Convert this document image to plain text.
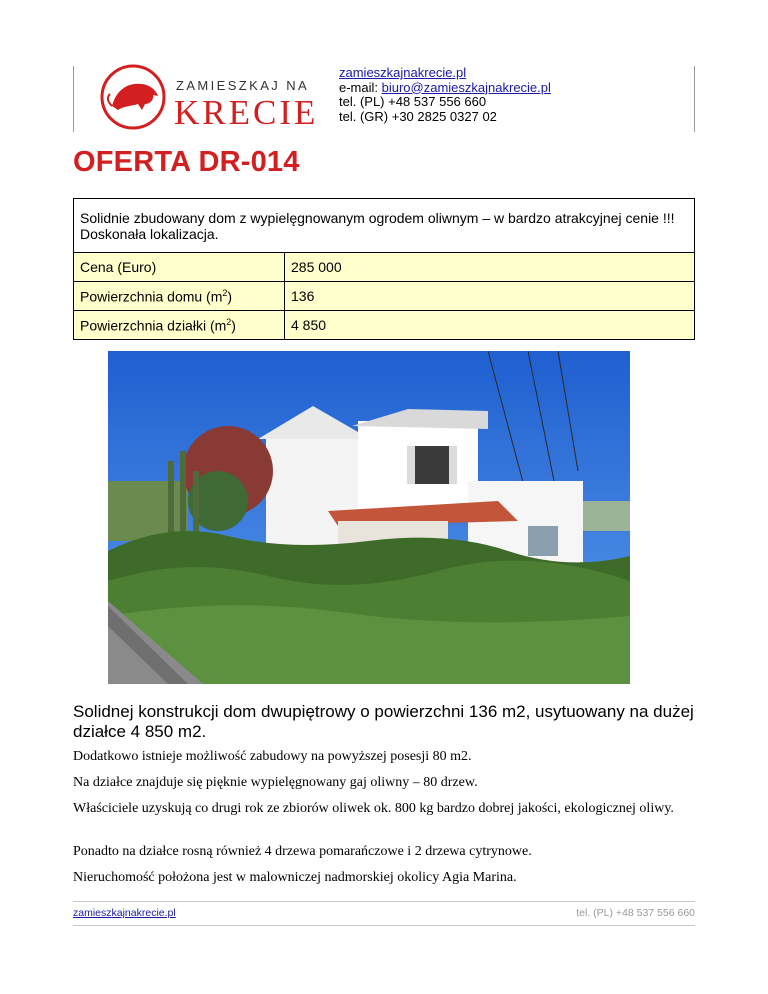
ZAMIESZKAJ NA
KRECIE
zamieszkajnakrecie.pl
e-mail: biuro@zamieszkajnakrecie.pl
tel. (PL) +48 537 556 660
tel. (GR) +30 2825 0327 02
OFERTA DR-014
Solidnie zbudowany dom z wypielęgnowanym ogrodem oliwnym – w bardzo atrakcyjnej cenie !!! Doskonała lokalizacja.	
Cena (Euro)	285 000
Powierzchnia domu $(m^2)$	136
Powierzchnia działki $(m^2)$	4 850
Solidnej konstrukcji dom dwupiętrowy o powierzchni 136 m2, usytuowany na dużej działce 4 850 m2.
Dodatkowo istnieje możliwość zabudowy na powyższej posesji 80 m2.
Na działce znajduje się pięknie wypielęgnowany gaj oliwny – 80 drzew.
Właściciele uzyskują co drugi rok ze zbiorów oliwek ok. 800 kg bardzo dobrej jakości, ekologicznej oliwy.
Ponadto na działce rosną również 4 drzewa pomarańczowe i 2 drzewa cytrynowe.
Nieruchomość położona jest w malowniczej nadmorskiej okolicy Agia Marina.
zamieszkajnakrecie.pl	tel. (PL) +48 537 556 660
